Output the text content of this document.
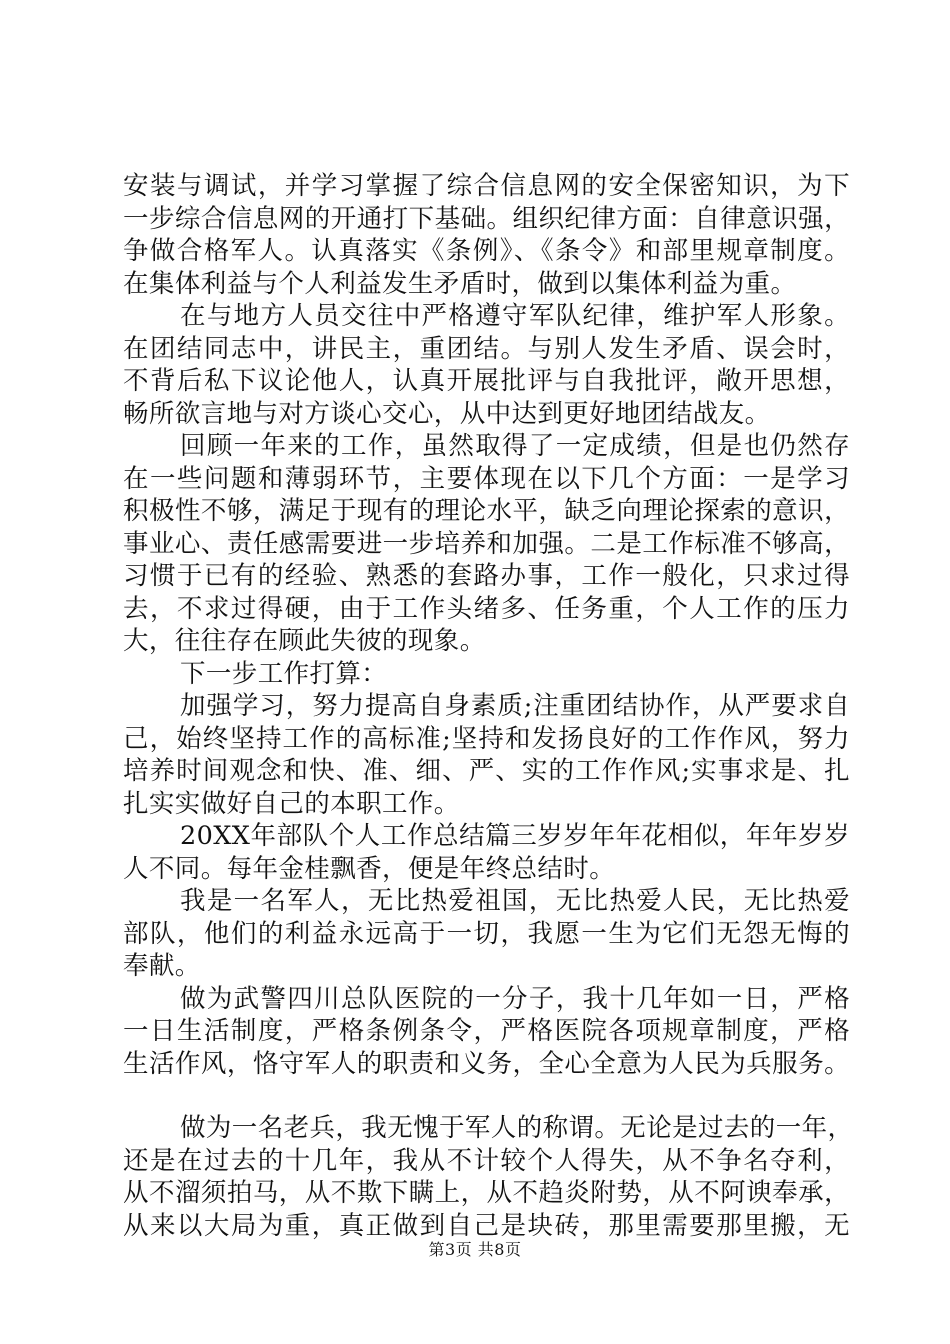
安装与调试，并学习掌握了综合信息网的安全保密知识，为下
一步综合信息网的开通打下基础。组织纪律方面：自律意识强，
争做合格军人。认真落实《条例》、《条令》和部里规章制度。
在集体利益与个人利益发生矛盾时，做到以集体利益为重。
在与地方人员交往中严格遵守军队纪律，维护军人形象。
在团结同志中，讲民主，重团结。与别人发生矛盾、误会时，
不背后私下议论他人，认真开展批评与自我批评，敞开思想，
畅所欲言地与对方谈心交心，从中达到更好地团结战友。
回顾一年来的工作，虽然取得了一定成绩，但是也仍然存
在一些问题和薄弱环节，主要体现在以下几个方面：一是学习
积极性不够，满足于现有的理论水平，缺乏向理论探索的意识，
事业心、责任感需要进一步培养和加强。二是工作标准不够高，
习惯于已有的经验、熟悉的套路办事，工作一般化，只求过得
去，不求过得硬，由于工作头绪多、任务重，个人工作的压力
大，往往存在顾此失彼的现象。
下一步工作打算：
加强学习，努力提高自身素质;注重团结协作，从严要求自
己，始终坚持工作的高标准;坚持和发扬良好的工作作风，努力
培养时间观念和快、准、细、严、实的工作作风;实事求是、扎
扎实实做好自己的本职工作。
20XX年部队个人工作总结篇三岁岁年年花相似，年年岁岁
人不同。每年金桂飘香，便是年终总结时。
我是一名军人，无比热爱祖国，无比热爱人民，无比热爱
部队，他们的利益永远高于一切，我愿一生为它们无怨无悔的
奉献。
做为武警四川总队医院的一分子，我十几年如一日，严格
一日生活制度，严格条例条令，严格医院各项规章制度，严格
生活作风，恪守军人的职责和义务，全心全意为人民为兵服务。
做为一名老兵，我无愧于军人的称谓。无论是过去的一年，
还是在过去的十几年，我从不计较个人得失，从不争名夺利，
从不溜须拍马，从不欺下瞒上，从不趋炎附势，从不阿谀奉承，
从来以大局为重，真正做到自己是块砖，那里需要那里搬，无
第3页 共8页
